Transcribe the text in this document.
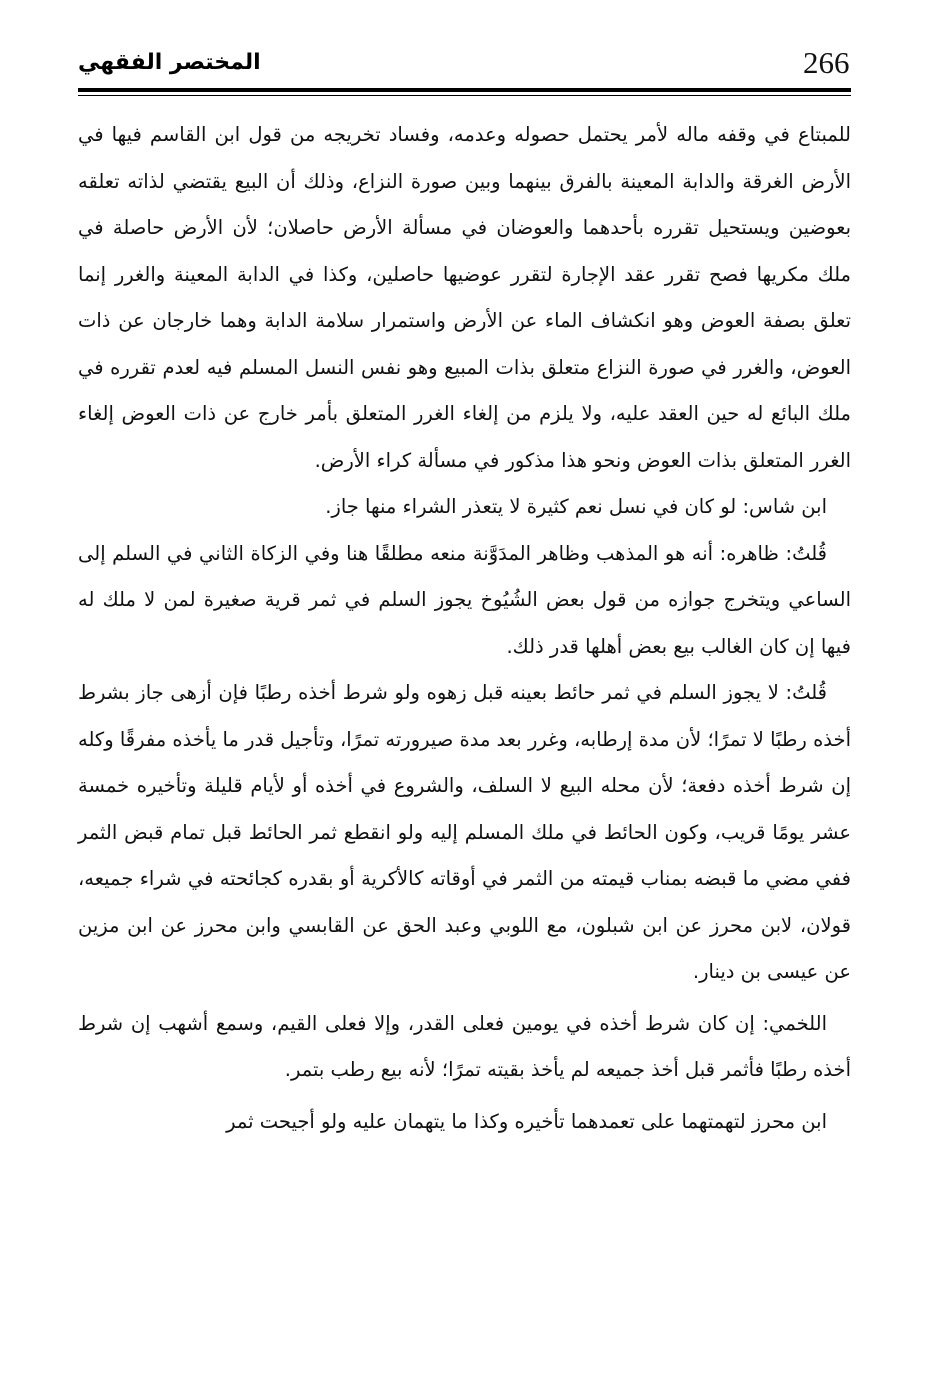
266
المختصر الفقهي

للمبتاع في وقفه ماله لأمر يحتمل حصوله وعدمه، وفساد تخريجه من قول ابن القاسم فيها في الأرض الغرقة والدابة المعينة بالفرق بينهما وبين صورة النزاع، وذلك أن البيع يقتضي لذاته تعلقه بعوضين ويستحيل تقرره بأحدهما والعوضان في مسألة الأرض حاصلان؛ لأن الأرض حاصلة في ملك مكريها فصح تقرر عقد الإجارة لتقرر عوضيها حاصلين، وكذا في الدابة المعينة والغرر إنما تعلق بصفة العوض وهو انكشاف الماء عن الأرض واستمرار سلامة الدابة وهما خارجان عن ذات العوض، والغرر في صورة النزاع متعلق بذات المبيع وهو نفس النسل المسلم فيه لعدم تقرره في ملك البائع له حين العقد عليه، ولا يلزم من إلغاء الغرر المتعلق بأمر خارج عن ذات العوض إلغاء الغرر المتعلق بذات العوض ونحو هذا مذكور في مسألة كراء الأرض.

ابن شاس: لو كان في نسل نعم كثيرة لا يتعذر الشراء منها جاز.

قُلتُ: ظاهره: أنه هو المذهب وظاهر المدَوَّنة منعه مطلقًا هنا وفي الزكاة الثاني في السلم إلى الساعي ويتخرج جوازه من قول بعض الشُيُوخ يجوز السلم في ثمر قرية صغيرة لمن لا ملك له فيها إن كان الغالب بيع بعض أهلها قدر ذلك.

قُلتُ: لا يجوز السلم في ثمر حائط بعينه قبل زهوه ولو شرط أخذه رطبًا فإن أزهى جاز بشرط أخذه رطبًا لا تمرًا؛ لأن مدة إرطابه، وغرر بعد مدة صيرورته تمرًا، وتأجيل قدر ما يأخذه مفرقًا وكله إن شرط أخذه دفعة؛ لأن محله البيع لا السلف، والشروع في أخذه أو لأيام قليلة وتأخيره خمسة عشر يومًا قريب، وكون الحائط في ملك المسلم إليه ولو انقطع ثمر الحائط قبل تمام قبض الثمر ففي مضي ما قبضه بمناب قيمته من الثمر في أوقاته كالأكرية أو بقدره كجائحته في شراء جميعه، قولان، لابن محرز عن ابن شبلون، مع اللوبي وعبد الحق عن القابسي وابن محرز عن ابن مزين عن عيسى بن دينار.

اللخمي: إن كان شرط أخذه في يومين فعلى القدر، وإلا فعلى القيم، وسمع أشهب إن شرط أخذه رطبًا فأثمر قبل أخذ جميعه لم يأخذ بقيته تمرًا؛ لأنه بيع رطب بتمر.

ابن محرز لتهمتهما على تعمدهما تأخيره وكذا ما يتهمان عليه ولو أجيحت ثمر
